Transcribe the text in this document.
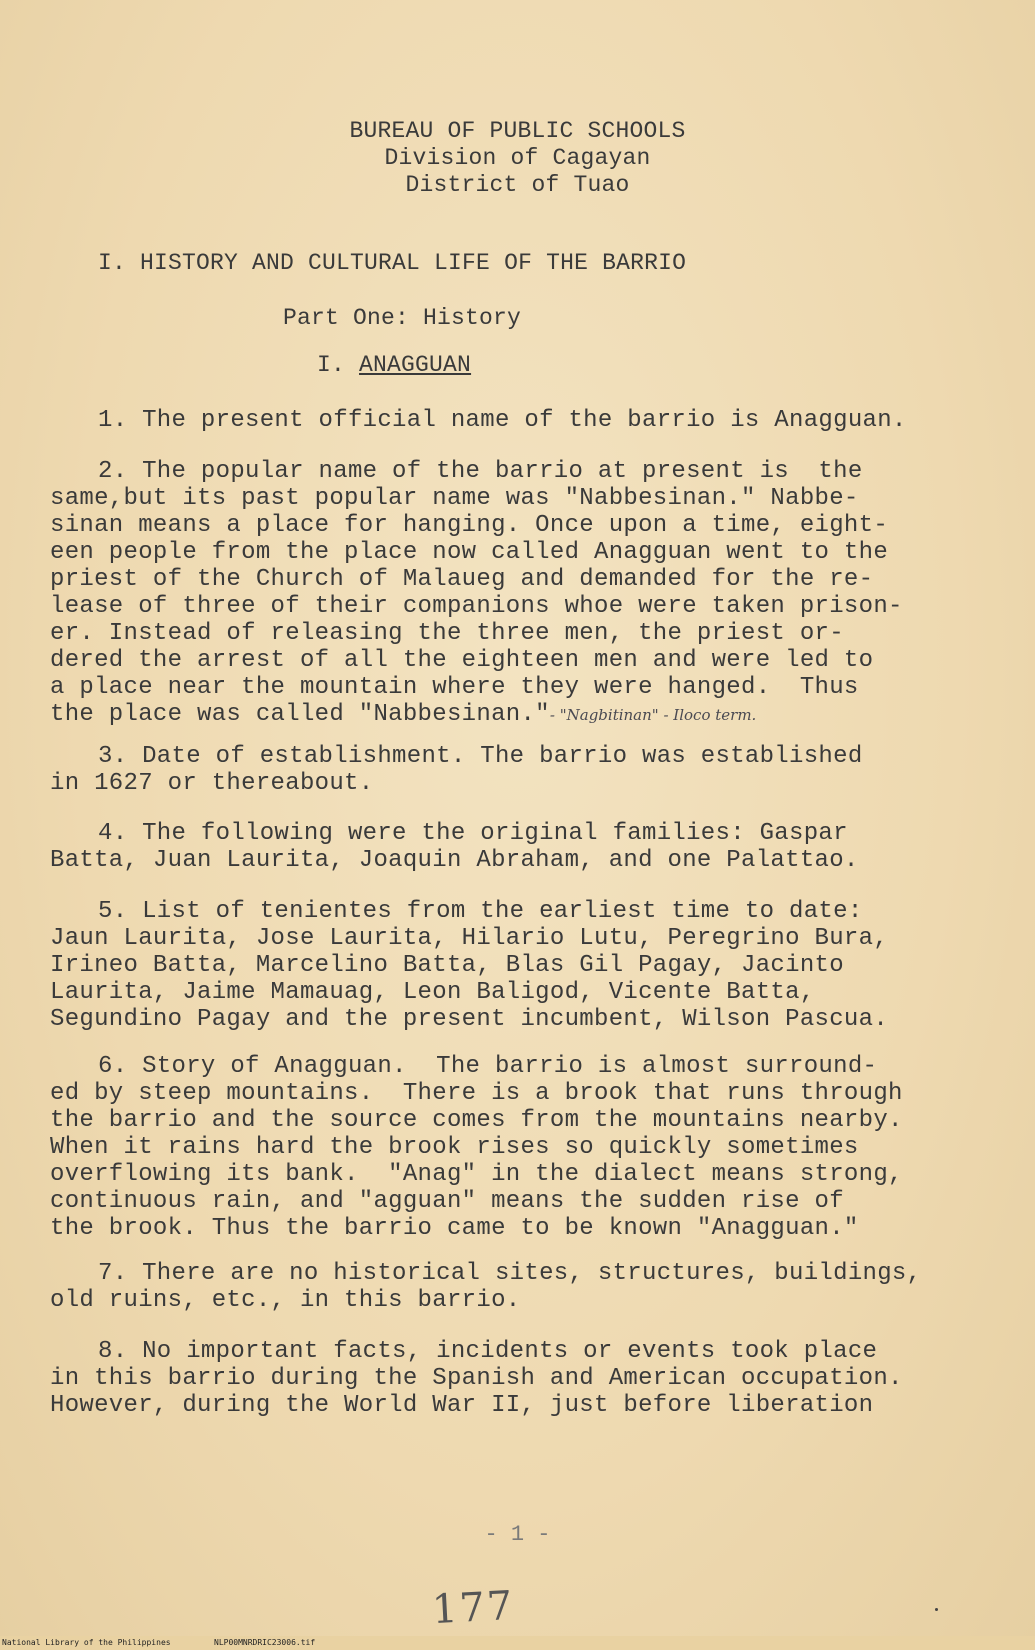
BUREAU OF PUBLIC SCHOOLS
Division of Cagayan
District of Tuao
I. HISTORY AND CULTURAL LIFE OF THE BARRIO
Part One: History
I. ANAGGUAN
1. The present official name of the barrio is Anagguan.
2. The popular name of the barrio at present is  the
same,but its past popular name was "Nabbesinan." Nabbe-
sinan means a place for hanging. Once upon a time, eight-
een people from the place now called Anagguan went to the
priest of the Church of Malaueg and demanded for the re-
lease of three of their companions whoe were taken prison-
er. Instead of releasing the three men, the priest or-
dered the arrest of all the eighteen men and were led to
a place near the mountain where they were hanged.  Thus
the place was called "Nabbesinan."- "Nagbitinan" - Iloco term.
3. Date of establishment. The barrio was established
in 1627 or thereabout.
4. The following were the original families: Gaspar
Batta, Juan Laurita, Joaquin Abraham, and one Palattao.
5. List of tenientes from the earliest time to date:
Jaun Laurita, Jose Laurita, Hilario Lutu, Peregrino Bura,
Irineo Batta, Marcelino Batta, Blas Gil Pagay, Jacinto
Laurita, Jaime Mamauag, Leon Baligod, Vicente Batta,
Segundino Pagay and the present incumbent, Wilson Pascua.
6. Story of Anagguan.  The barrio is almost surround-
ed by steep mountains.  There is a brook that runs through
the barrio and the source comes from the mountains nearby.
When it rains hard the brook rises so quickly sometimes
overflowing its bank.  "Anag" in the dialect means strong,
continuous rain, and "agguan" means the sudden rise of
the brook. Thus the barrio came to be known "Anagguan."
7. There are no historical sites, structures, buildings,
old ruins, etc., in this barrio.
8. No important facts, incidents or events took place
in this barrio during the Spanish and American occupation.
However, during the World War II, just before liberation
- 1 -
177
National Library of the Philippines	NLP00MNRDRIC23006.tif
